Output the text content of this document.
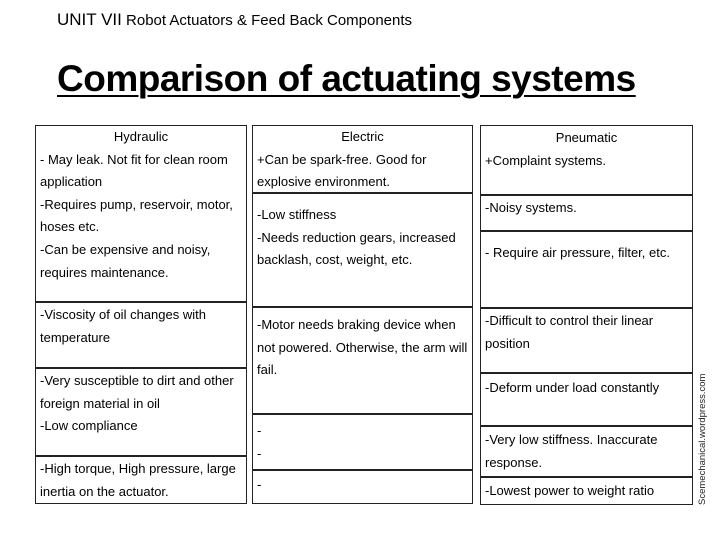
UNIT VII Robot Actuators & Feed Back Components
Comparison of actuating systems

Hydraulic

- May leak. Not fit for clean room application

-Requires pump, reservoir, motor, hoses etc.

-Can be expensive and noisy, requires maintenance.

-Viscosity of oil changes with temperature

-Very susceptible to dirt and other foreign material in oil

-Low compliance

-High torque, High pressure, large inertia on the actuator.

Electric

+Can be spark-free. Good for explosive environment.

-Low stiffness

-Needs reduction gears, increased backlash, cost, weight, etc.

-Motor needs braking device when not powered. Otherwise, the arm will fail.

-

-

-

Pneumatic

+Complaint systems.

-Noisy systems.

- Require air pressure, filter, etc.

-Difficult to control their linear position

-Deform under load constantly

-Very low stiffness. Inaccurate response.

-Lowest power to weight ratio	Scemechanical.wordpress.com
